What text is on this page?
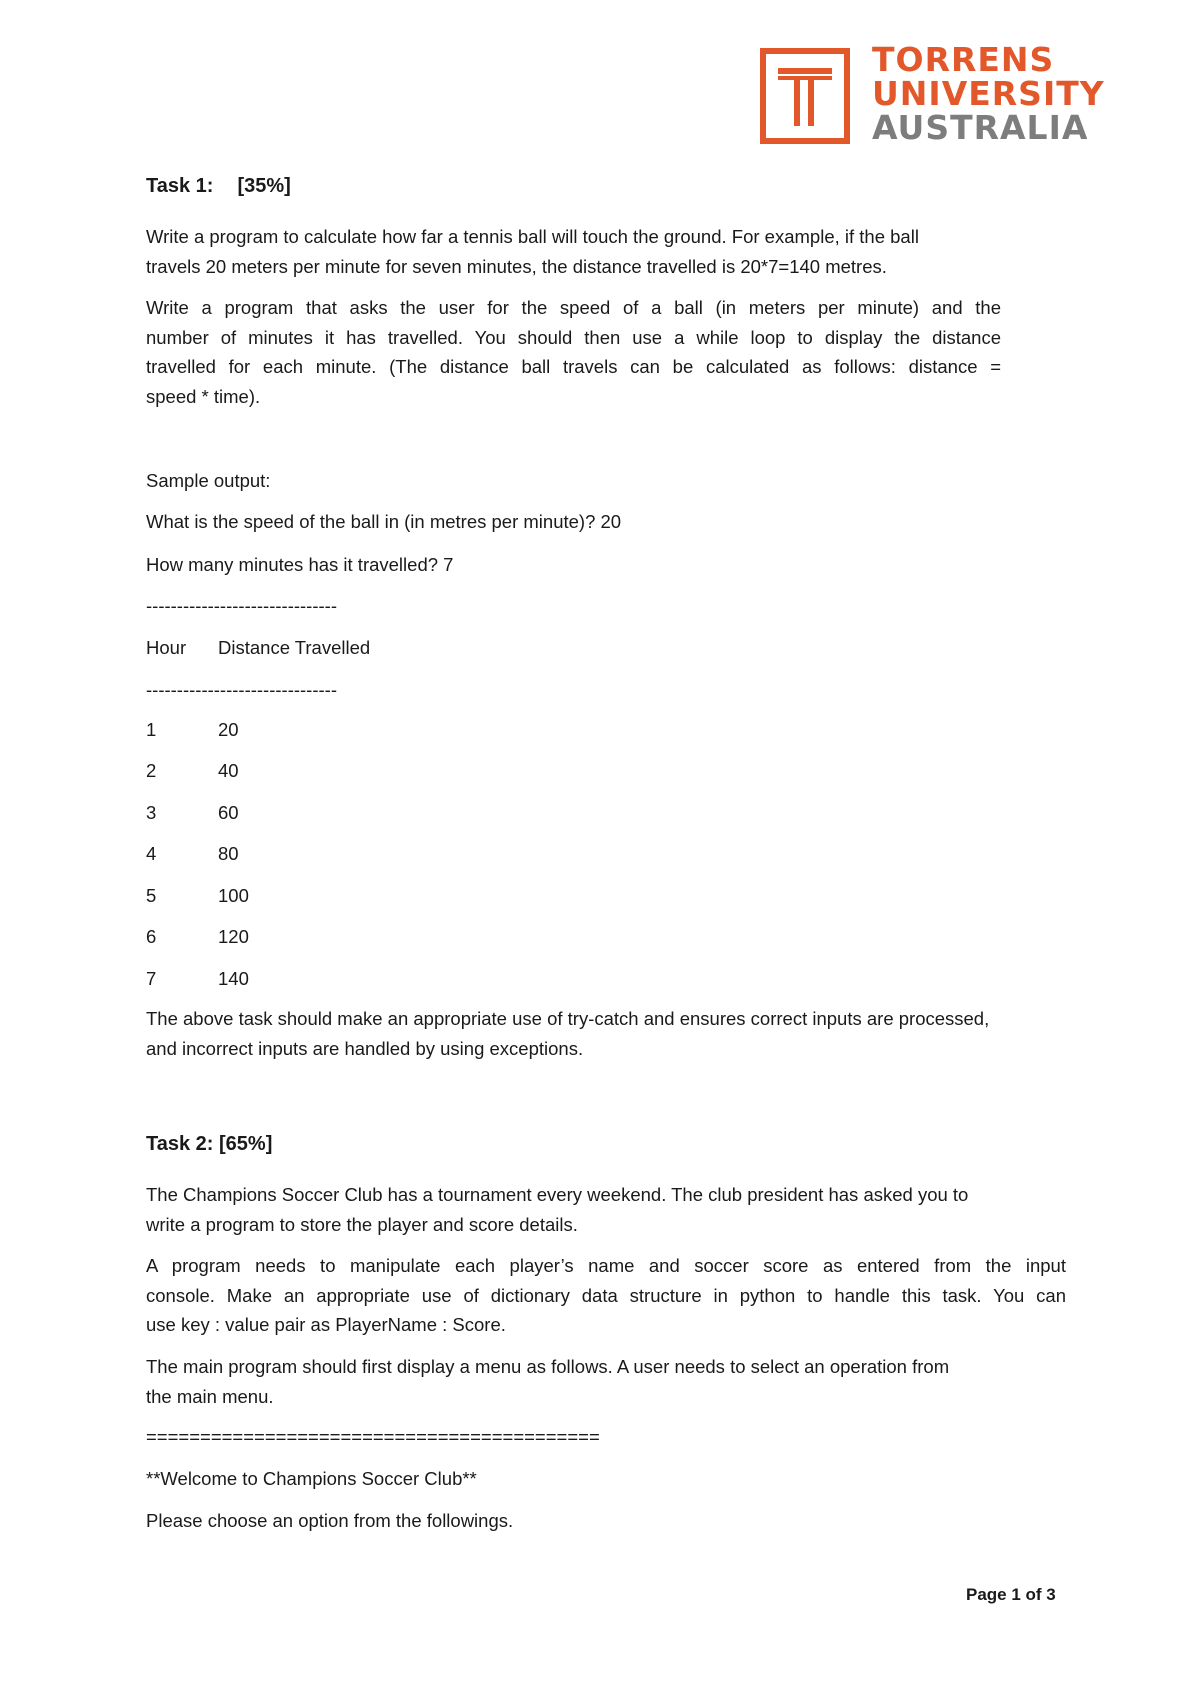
TORRENS
UNIVERSITY
AUSTRALIA
Task 1: [35%]
Write a program to calculate how far a tennis ball will touch the ground. For example, if the ball
travels 20 meters per minute for seven minutes, the distance travelled is 20*7=140 metres.
Write a program that asks the user for the speed of a ball (in meters per minute) and the
number of minutes it has travelled. You should then use a while loop to display the distance
travelled for each minute. (The distance ball travels can be calculated as follows: distance =
speed * time).
Sample output:
What is the speed of the ball in (in metres per minute)? 20
How many minutes has it travelled? 7
-------------------------------
Hour Distance Travelled
-------------------------------
1	20
2	40
3	60
4	80
5	100
6	120
7	140
The above task should make an appropriate use of try-catch and ensures correct inputs are processed,
and incorrect inputs are handled by using exceptions.
Task 2: [65%]
The Champions Soccer Club has a tournament every weekend. The club president has asked you to
write a program to store the player and score details.
A program needs to manipulate each player’s name and soccer score as entered from the input
console. Make an appropriate use of dictionary data structure in python to handle this task. You can
use key : value pair as PlayerName : Score.
The main program should first display a menu as follows. A user needs to select an operation from
the main menu.
==========================================
**Welcome to Champions Soccer Club**
Please choose an option from the followings.
Page 1 of 3
